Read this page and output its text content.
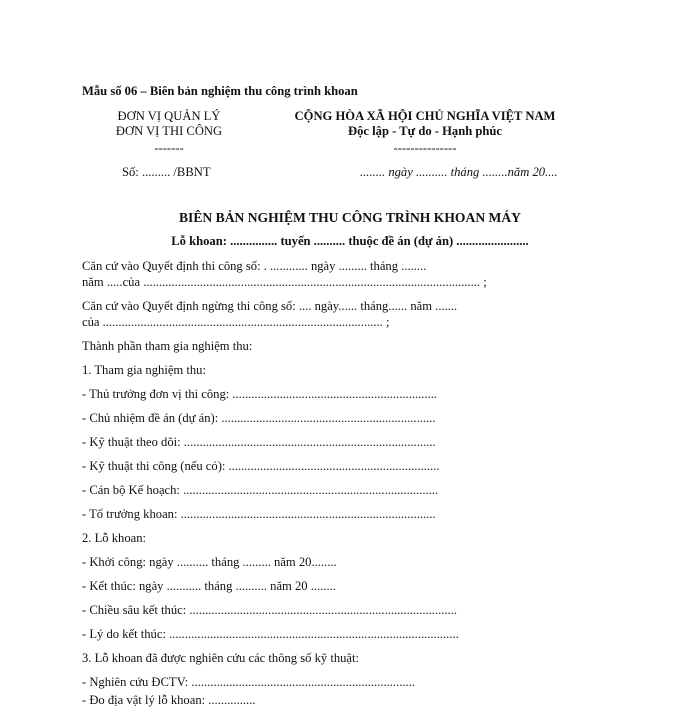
Mẫu số 06 – Biên bản nghiệm thu công trình khoan
ĐƠN VỊ QUẢN LÝ
ĐƠN VỊ THI CÔNG
-------
Số: ......... /BBNT
CỘNG HÒA XÃ HỘI CHỦ NGHĨA VIỆT NAM
Độc lập - Tự do - Hạnh phúc
---------------
........ ngày .......... tháng ........năm 20....
BIÊN BẢN NGHIỆM THU CÔNG TRÌNH KHOAN MÁY
Lỗ khoan: ............... tuyến .......... thuộc đề án (dự án) .......................
Căn cứ vào Quyết định thi công số: . ............ ngày ......... tháng ........
năm .....của ........................................................................................................... ;
Căn cứ vào Quyết định ngừng thi công số: .... ngày...... tháng...... năm .......
của ......................................................................................... ;
Thành phần tham gia nghiệm thu:
1. Tham gia nghiệm thu:
- Thủ trưởng đơn vị thi công: .................................................................
- Chủ nhiệm đề án (dự án): ....................................................................
- Kỹ thuật theo dõi: ................................................................................
- Kỹ thuật thi công (nếu có): ...................................................................
- Cán bộ Kế hoạch: .................................................................................
- Tổ trưởng khoan: .................................................................................
2. Lỗ khoan:
- Khởi công: ngày .......... tháng ......... năm 20........
- Kết thúc: ngày ........... tháng .......... năm 20 ........
- Chiều sâu kết thúc: .....................................................................................
- Lý do kết thúc: ............................................................................................
3. Lỗ khoan đã được nghiên cứu các thông số kỹ thuật:
- Nghiên cứu ĐCTV: .......................................................................
- Đo địa vật lý lỗ khoan: ...............
